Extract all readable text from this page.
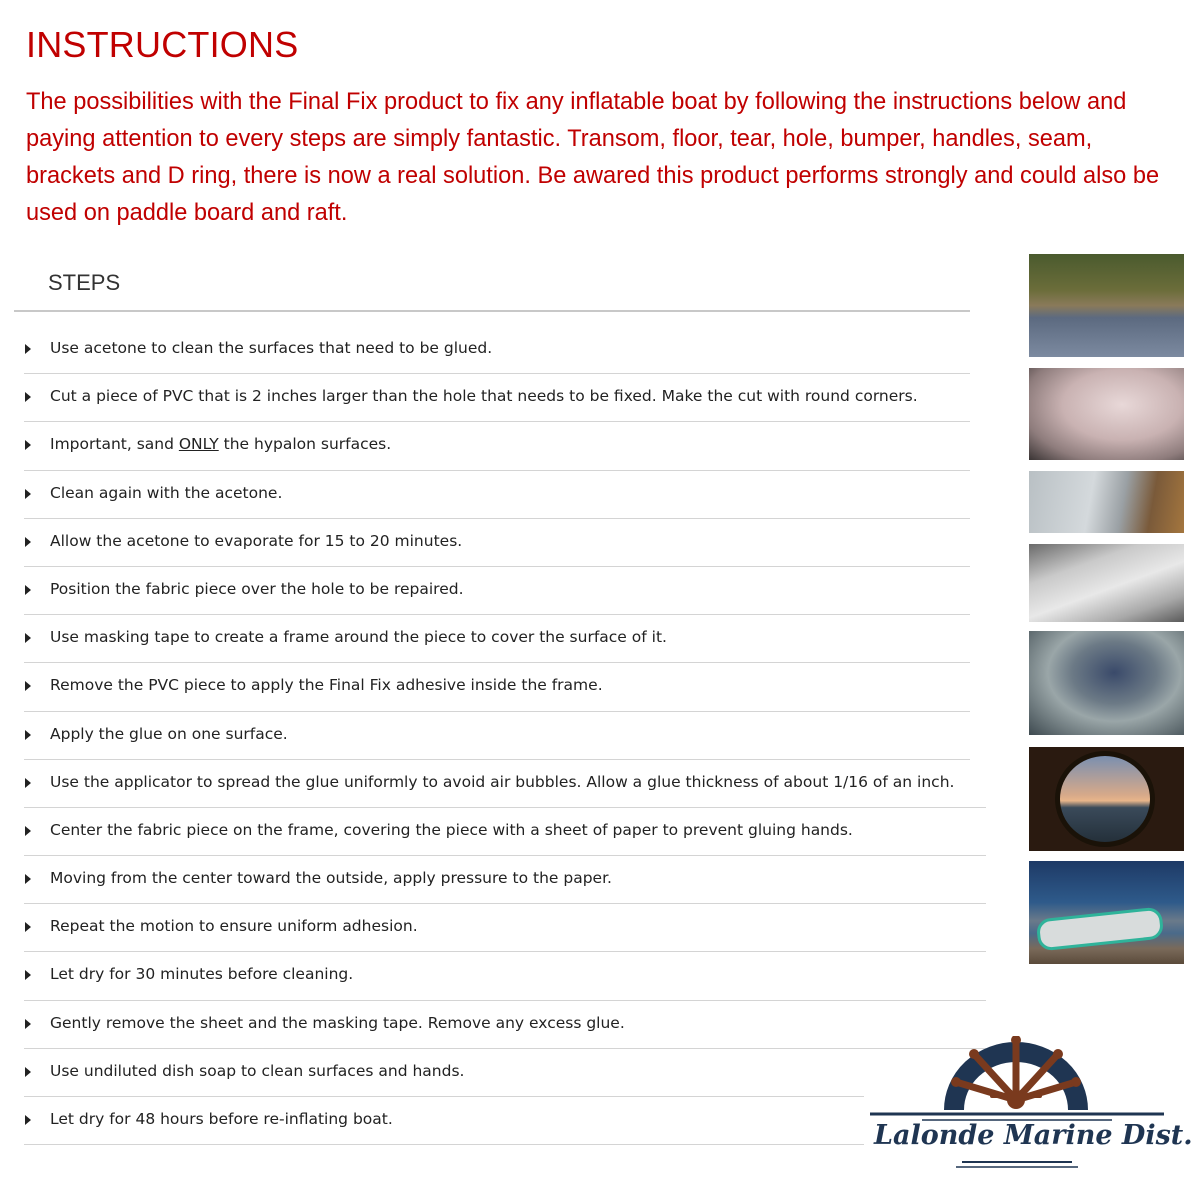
INSTRUCTIONS

The possibilities with the Final Fix product to fix any inflatable boat by following the instructions below and paying attention to every steps are simply fantastic. Transom, floor, tear, hole, bumper, handles, seam, brackets and D ring, there is now a real solution. Be awared this product performs strongly and could also be used on paddle board and raft.

STEPS
Use acetone to clean the surfaces that need to be glued.
Cut a piece of PVC that is 2 inches larger than the hole that needs to be fixed. Make the cut with round corners.
Important, sand ONLY the hypalon surfaces.
Clean again with the acetone.
Allow the acetone to evaporate for 15 to 20 minutes.
Position the fabric piece over the hole to be repaired.
Use masking tape to create a frame around the piece to cover the surface of it.
Remove the PVC piece to apply the Final Fix adhesive inside the frame.
Apply the glue on one surface.
Use the applicator to spread the glue uniformly to avoid air bubbles. Allow a glue thickness of about 1/16 of an inch.
Center the fabric piece on the frame, covering the piece with a sheet of paper to prevent gluing hands.
Moving from the center toward the outside, apply pressure to the paper.
Repeat the motion to ensure uniform adhesion.
Let dry for 30 minutes before cleaning.
Gently remove the sheet and the masking tape. Remove any excess glue.
Use undiluted dish soap to clean surfaces and hands.
Let dry for 48 hours before re-inflating boat.

Lalonde Marine Dist.
